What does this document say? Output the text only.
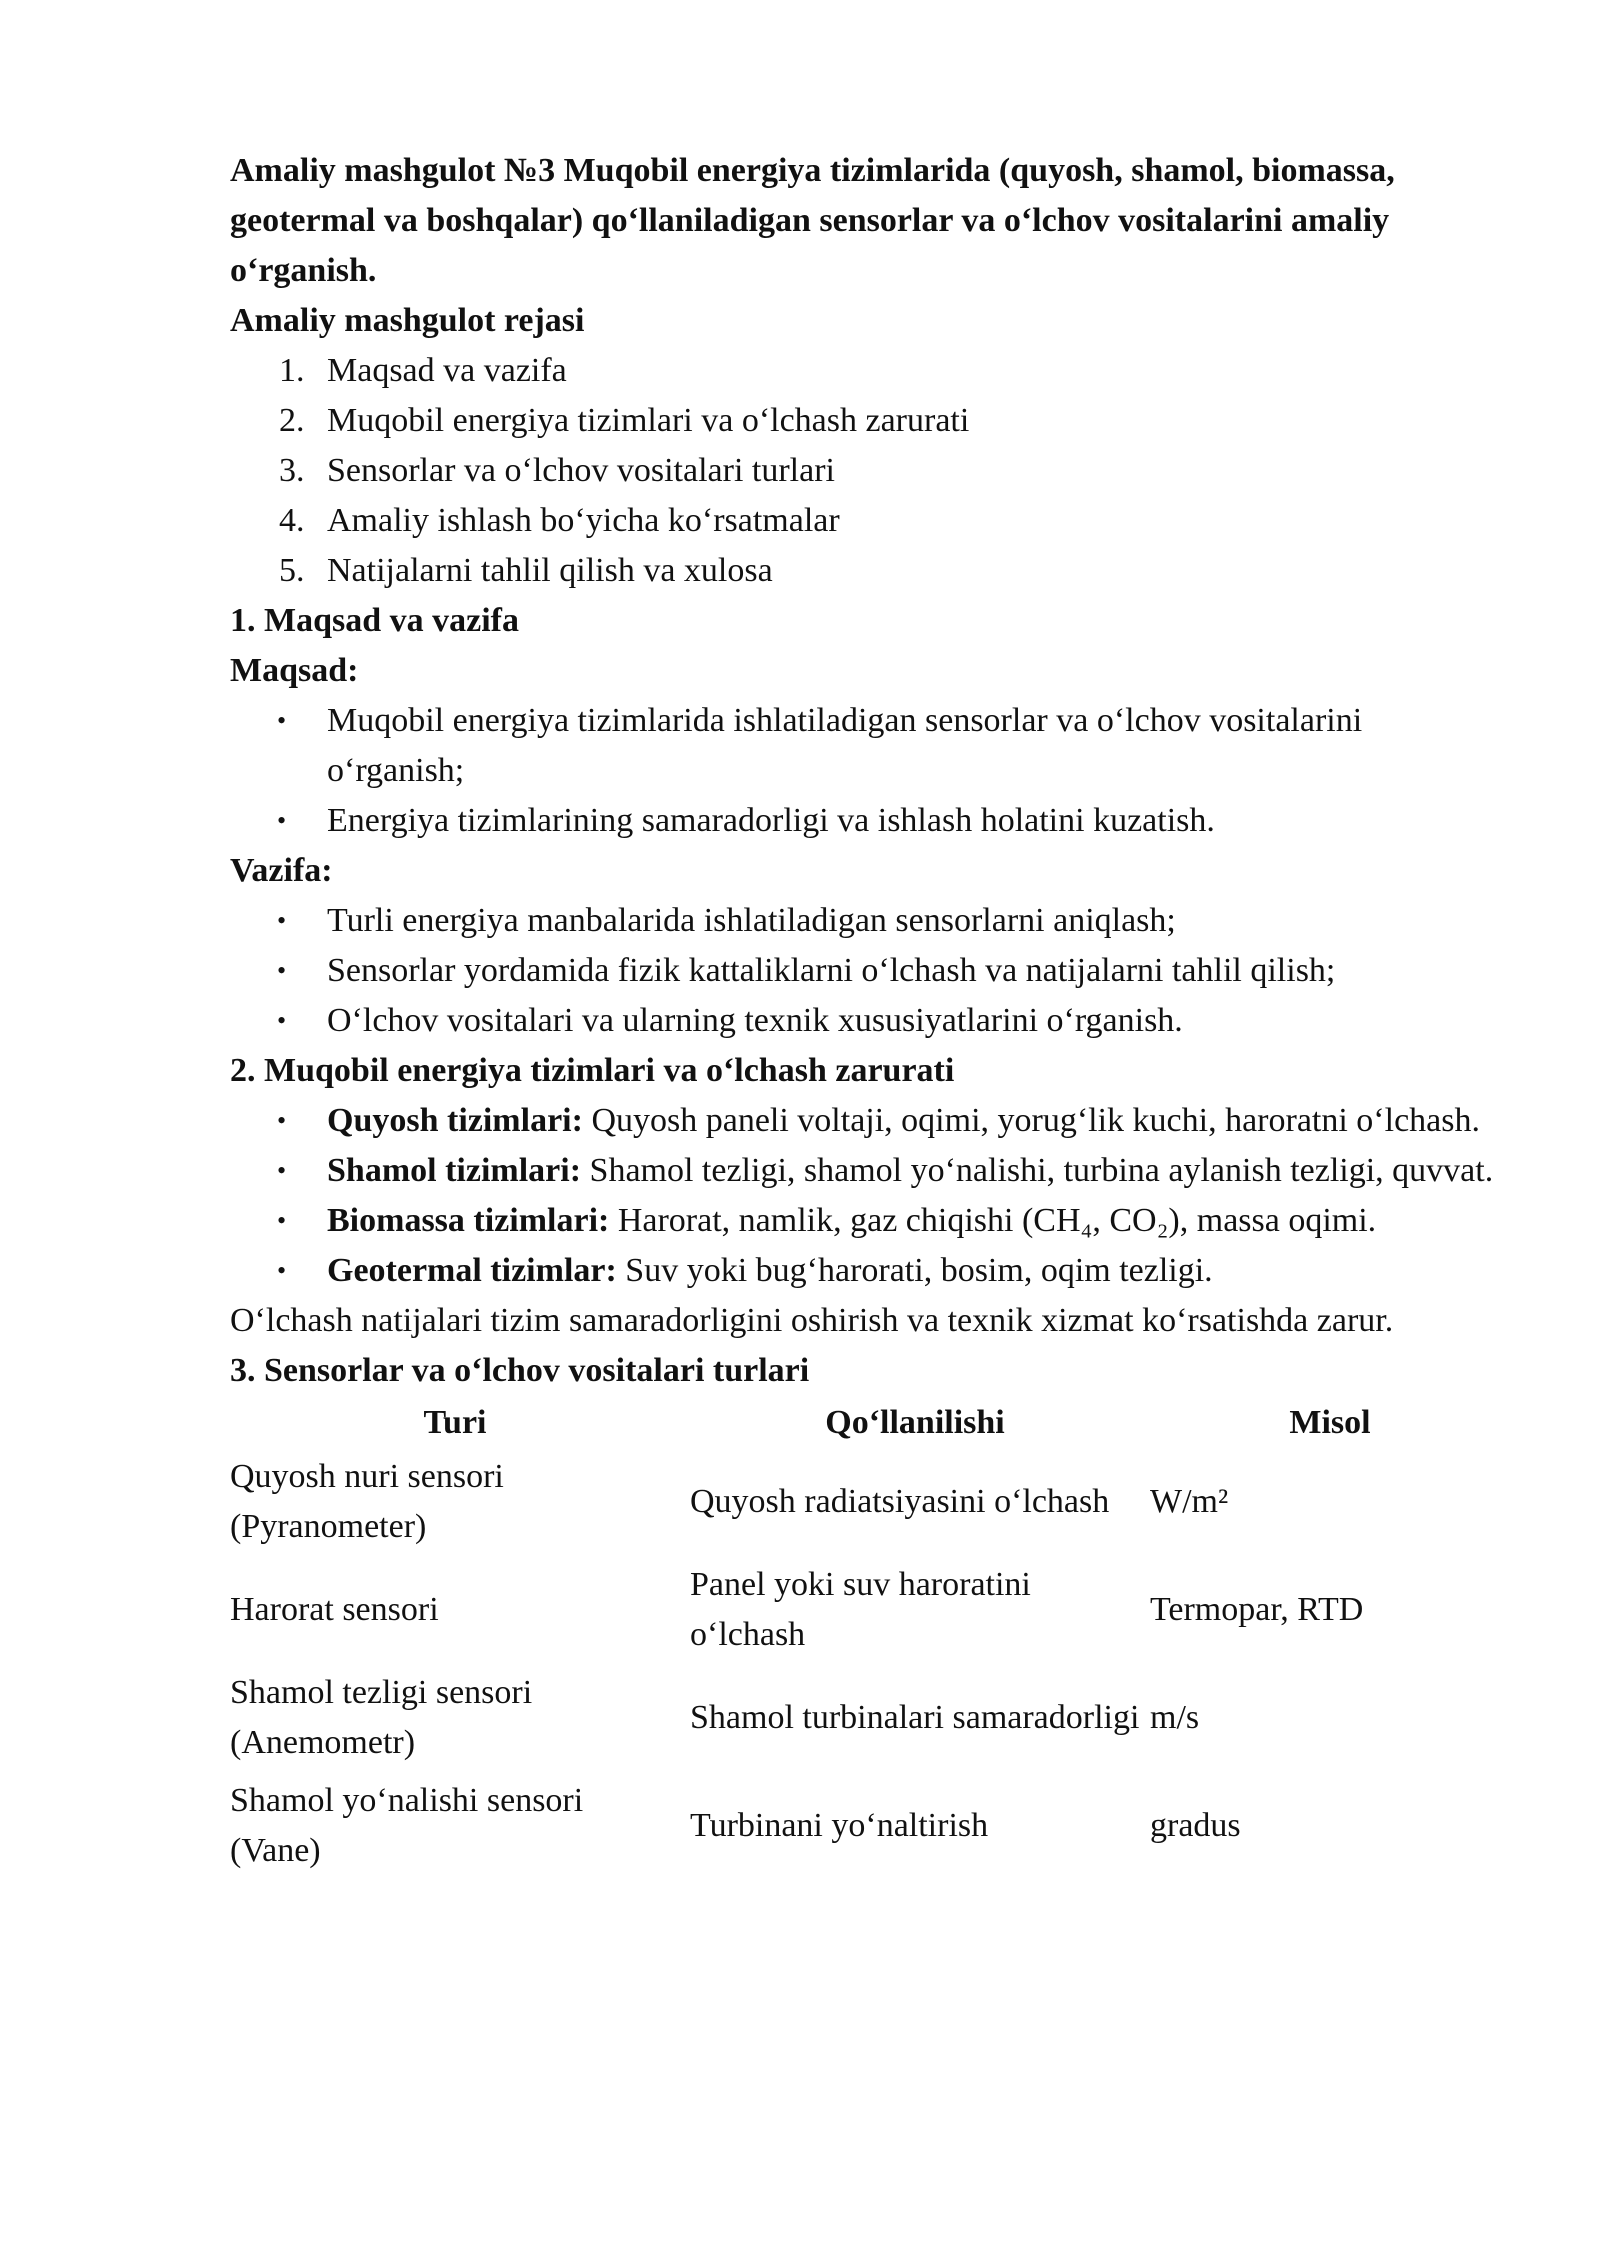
Amaliy mashgulot №3 Muqobil energiya tizimlarida (quyosh, shamol, biomassa, geotermal va boshqalar) qo‘llaniladigan sensorlar va o‘lchov vositalarini amaliy o‘rganish.

Amaliy mashgulot rejasi

1. Maqsad va vazifa
2. Muqobil energiya tizimlari va o‘lchash zarurati
3. Sensorlar va o‘lchov vositalari turlari
4. Amaliy ishlash bo‘yicha ko‘rsatmalar
5. Natijalarni tahlil qilish va xulosa

1. Maqsad va vazifa

Maqsad:

• Muqobil energiya tizimlarida ishlatiladigan sensorlar va o‘lchov vositalarini o‘rganish;
• Energiya tizimlarining samaradorligi va ishlash holatini kuzatish.

Vazifa:

• Turli energiya manbalarida ishlatiladigan sensorlarni aniqlash;
• Sensorlar yordamida fizik kattaliklarni o‘lchash va natijalarni tahlil qilish;
• O‘lchov vositalari va ularning texnik xususiyatlarini o‘rganish.

2. Muqobil energiya tizimlari va o‘lchash zarurati

• Quyosh tizimlari: Quyosh paneli voltaji, oqimi, yorug‘lik kuchi, haroratni o‘lchash.
• Shamol tizimlari: Shamol tezligi, shamol yo‘nalishi, turbina aylanish tezligi, quvvat.
• Biomassa tizimlari: Harorat, namlik, gaz chiqishi (CH₄, CO₂), massa oqimi.
• Geotermal tizimlar: Suv yoki bug‘harorati, bosim, oqim tezligi.

O‘lchash natijalari tizim samaradorligini oshirish va texnik xizmat ko‘rsatishda zarur.

3. Sensorlar va o‘lchov vositalari turlari

Turi	Qo‘llanilishi	Misol
Quyosh nuri sensori (Pyranometer)	Quyosh radiatsiyasini o‘lchash	W/m²
Harorat sensori	Panel yoki suv haroratini o‘lchash	Termopar, RTD
Shamol tezligi sensori (Anemometr)	Shamol turbinalari samaradorligi	m/s
Shamol yo‘nalishi sensori (Vane)	Turbinani yo‘naltirish	gradus
